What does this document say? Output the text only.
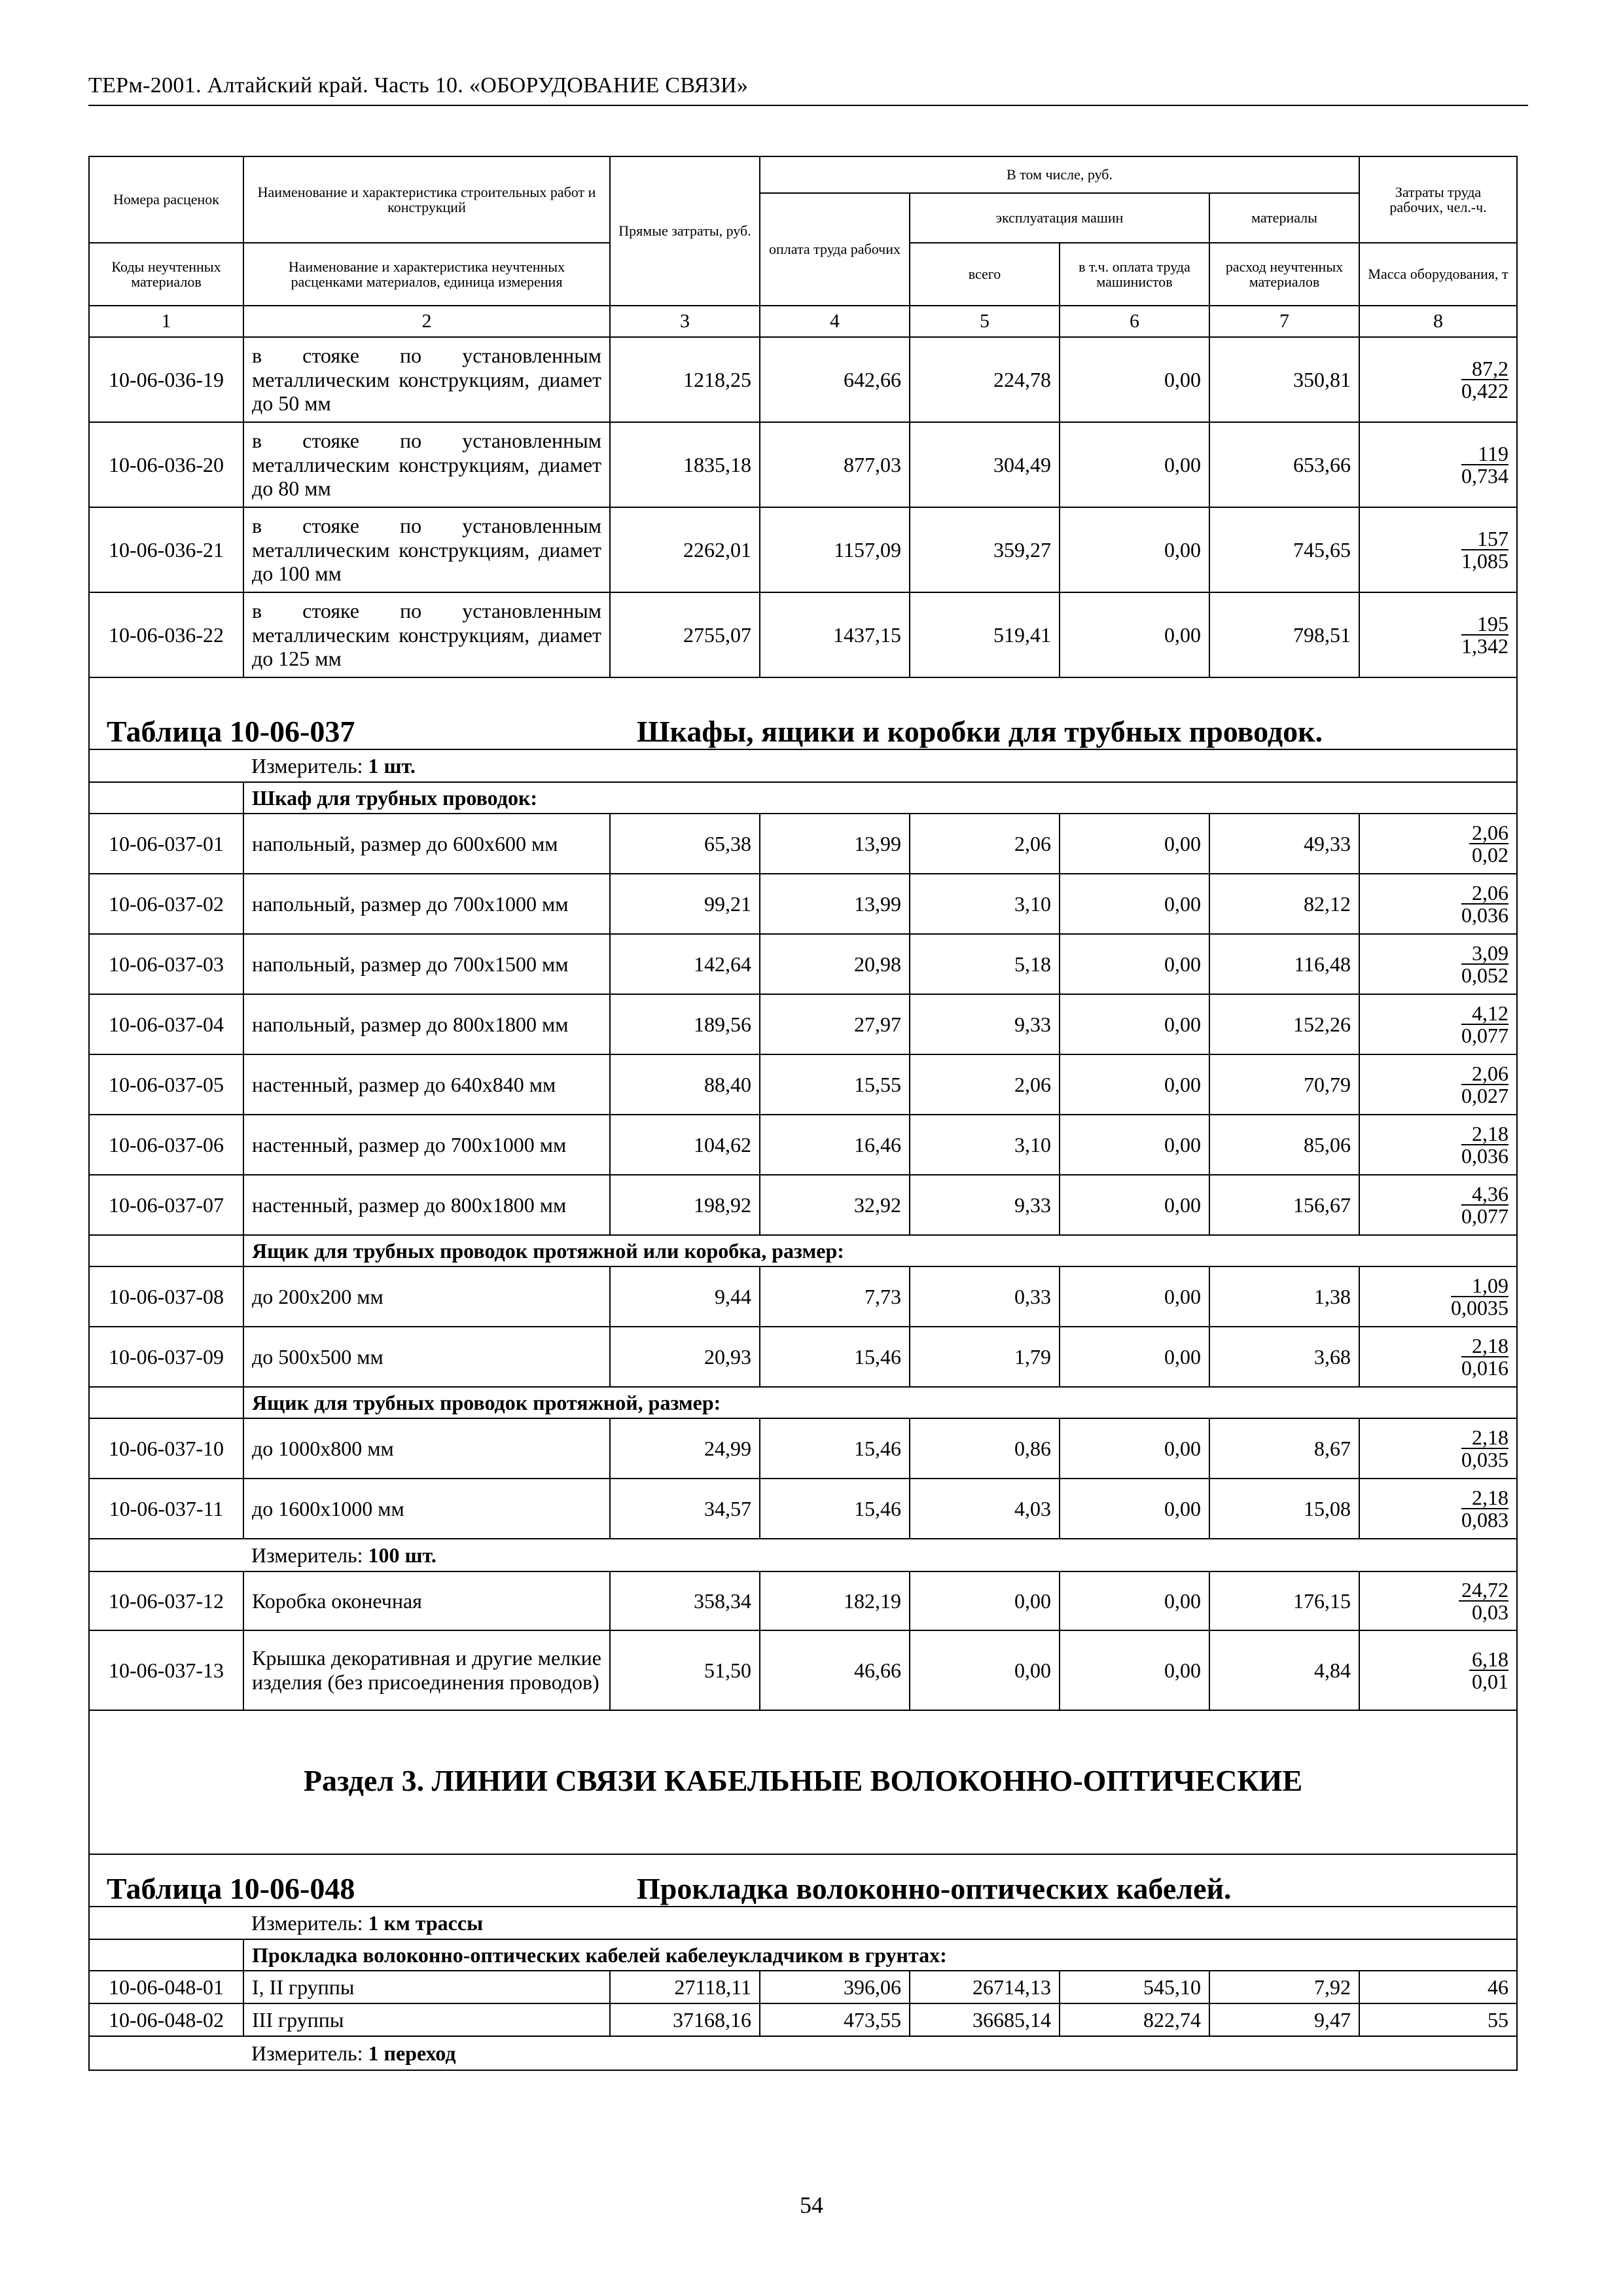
ТЕРм-2001. Алтайский край. Часть 10. «ОБОРУДОВАНИЕ СВЯЗИ»
Номера расценок	Наименование и характеристика строительных работ и конструкций	Прямые затраты, руб.	В том числе, руб.				Затраты труда рабочих, чел.-ч.
			оплата труда рабочих	эксплуатация машин		материалы	
Коды неучтенных материалов	Наименование и характеристика неучтенных расценками материалов, единица измерения			всего	в т.ч. оплата труда машинистов	расход неучтенных материалов	Масса оборудования, т
1	2	3	4	5	6	7	8
10-06-036-19	в стояке по установленным металлическим конструкциям, диамет до 50 мм	1218,25	642,66	224,78	0,00	350,81	$\frac{87,2}{0,422}$

10-06-036-20	в стояке по установленным металлическим конструкциям, диамет до 80 мм	1835,18	877,03	304,49	0,00	653,66	$\frac{119}{0,734}$

10-06-036-21	в стояке по установленным металлическим конструкциям, диамет до 100 мм	2262,01	1157,09	359,27	0,00	745,65	$\frac{157}{1,085}$

10-06-036-22	в стояке по установленным металлическим конструкциям, диамет до 125 мм	2755,07	1437,15	519,41	0,00	798,51	$\frac{195}{1,342}$

Таблица 10-06-037 Шкафы, ящики и коробки для трубных проводок.							

	Измеритель: 1 шт.						
	Шкаф для трубных проводок:						
10-06-037-01	напольный, размер до 600x600 мм	65,38	13,99	2,06	0,00	49,33	$\frac{2,06}{0,02}$

10-06-037-02	напольный, размер до 700x1000 мм	99,21	13,99	3,10	0,00	82,12	$\frac{2,06}{0,036}$

10-06-037-03	напольный, размер до 700x1500 мм	142,64	20,98	5,18	0,00	116,48	$\frac{3,09}{0,052}$

10-06-037-04	напольный, размер до 800x1800 мм	189,56	27,97	9,33	0,00	152,26	$\frac{4,12}{0,077}$

10-06-037-05	настенный, размер до 640x840 мм	88,40	15,55	2,06	0,00	70,79	$\frac{2,06}{0,027}$

10-06-037-06	настенный, размер до 700x1000 мм	104,62	16,46	3,10	0,00	85,06	$\frac{2,18}{0,036}$

10-06-037-07	настенный, размер до 800x1800 мм	198,92	32,92	9,33	0,00	156,67	$\frac{4,36}{0,077}$

	Ящик для трубных проводок протяжной или коробка, размер:						
10-06-037-08	до 200x200 мм	9,44	7,73	0,33	0,00	1,38	$\frac{1,09}{0,0035}$

10-06-037-09	до 500x500 мм	20,93	15,46	1,79	0,00	3,68	$\frac{2,18}{0,016}$

	Ящик для трубных проводок протяжной, размер:						
10-06-037-10	до 1000x800 мм	24,99	15,46	0,86	0,00	8,67	$\frac{2,18}{0,035}$

10-06-037-11	до 1600x1000 мм	34,57	15,46	4,03	0,00	15,08	$\frac{2,18}{0,083}$

	Измеритель: 100 шт.						
10-06-037-12	Коробка оконечная	358,34	182,19	0,00	0,00	176,15	$\frac{24,72}{0,03}$

10-06-037-13	Крышка декоративная и другие мелкие изделия (без присоединения проводов)	51,50	46,66	0,00	0,00	4,84	$\frac{6,18}{0,01}$

Раздел 3. ЛИНИИ СВЯЗИ КАБЕЛЬНЫЕ ВОЛОКОННО-ОПТИЧЕСКИЕ							

Таблица 10-06-048 Прокладка волоконно-оптических кабелей.							

	Измеритель: 1 км трассы						
	Прокладка волоконно-оптических кабелей кабелеукладчиком в грунтах:						
10-06-048-01	I, II группы	27118,11	396,06	26714,13	545,10	7,92	46
10-06-048-02	III группы	37168,16	473,55	36685,14	822,74	9,47	55
	Измеритель: 1 переход						
54
